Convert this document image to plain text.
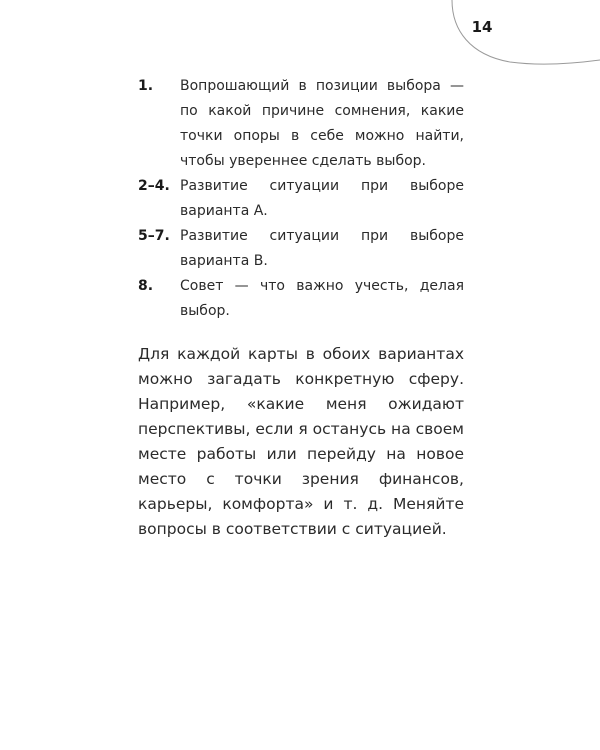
14
1.	Вопрошающий в позиции выбора — по какой причине сомнения, какие точки опоры в себе можно найти, чтобы увереннее сделать выбор.
2–4. Развитие ситуации при выборе варианта А.
5–7. Развитие ситуации при выборе варианта В.
8.	Совет — что важно учесть, делая выбор.

Для каждой карты в обоих вариантах можно загадать конкретную сферу. Например, «какие меня ожидают перспективы, если я останусь на своем месте работы или перейду на новое место с точки зрения финансов, карьеры, комфорта» и т. д. Меняйте вопросы в соответствии с ситуацией.
